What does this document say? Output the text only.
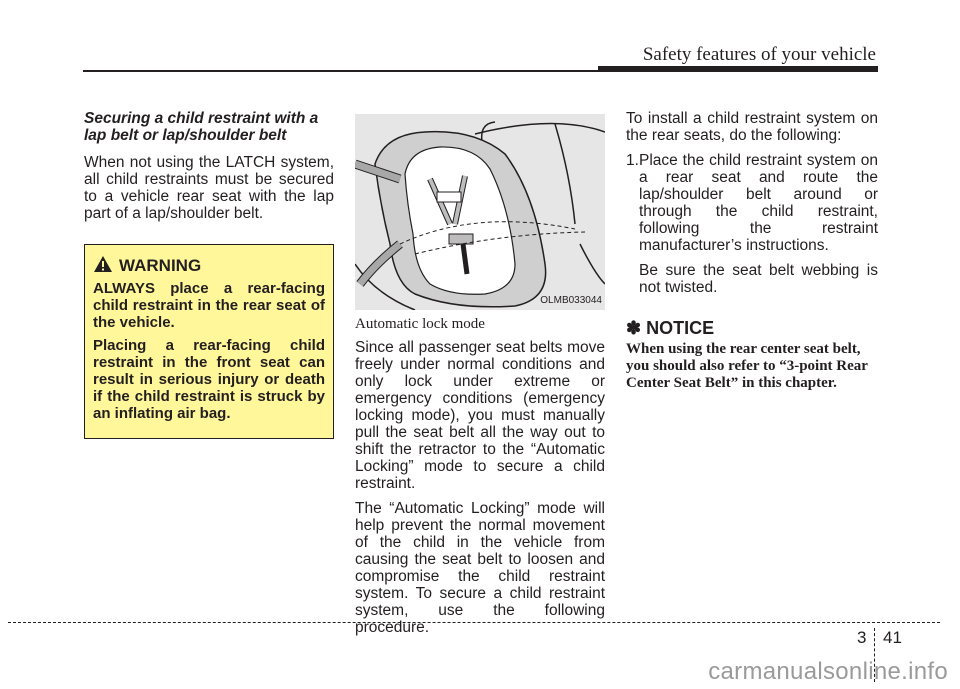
Safety features of your vehicle
Securing a child restraint with a lap belt or lap/shoulder belt

When not using the LATCH system, all child restraints must be secured to a vehicle rear seat with the lap part of a lap/shoulder belt.

WARNING

ALWAYS place a rear-facing child restraint in the rear seat of the vehicle.

Placing a rear-facing child restraint in the front seat can result in serious injury or death if the child restraint is struck by an inflating air bag.

OLMB033044
Automatic lock mode

Since all passenger seat belts move freely under normal conditions and only lock under extreme or emergency conditions (emergency locking mode), you must manually pull the seat belt all the way out to shift the retractor to the “Automatic Locking” mode to secure a child restraint.

The “Automatic Locking” mode will help prevent the normal movement of the child in the vehicle from causing the seat belt to loosen and compromise the child restraint system. To secure a child restraint system, use the following procedure.

To install a child restraint system on the rear seats, do the following:

1. Place the child restraint system on a rear seat and route the lap/shoulder belt around or through the child restraint, following the restraint manufacturer’s instructions.

Be sure the seat belt webbing is not twisted.

✽ NOTICE
When using the rear center seat belt, you should also refer to “3-point Rear Center Seat Belt” in this chapter.
3 41
carmanualsonline.info
